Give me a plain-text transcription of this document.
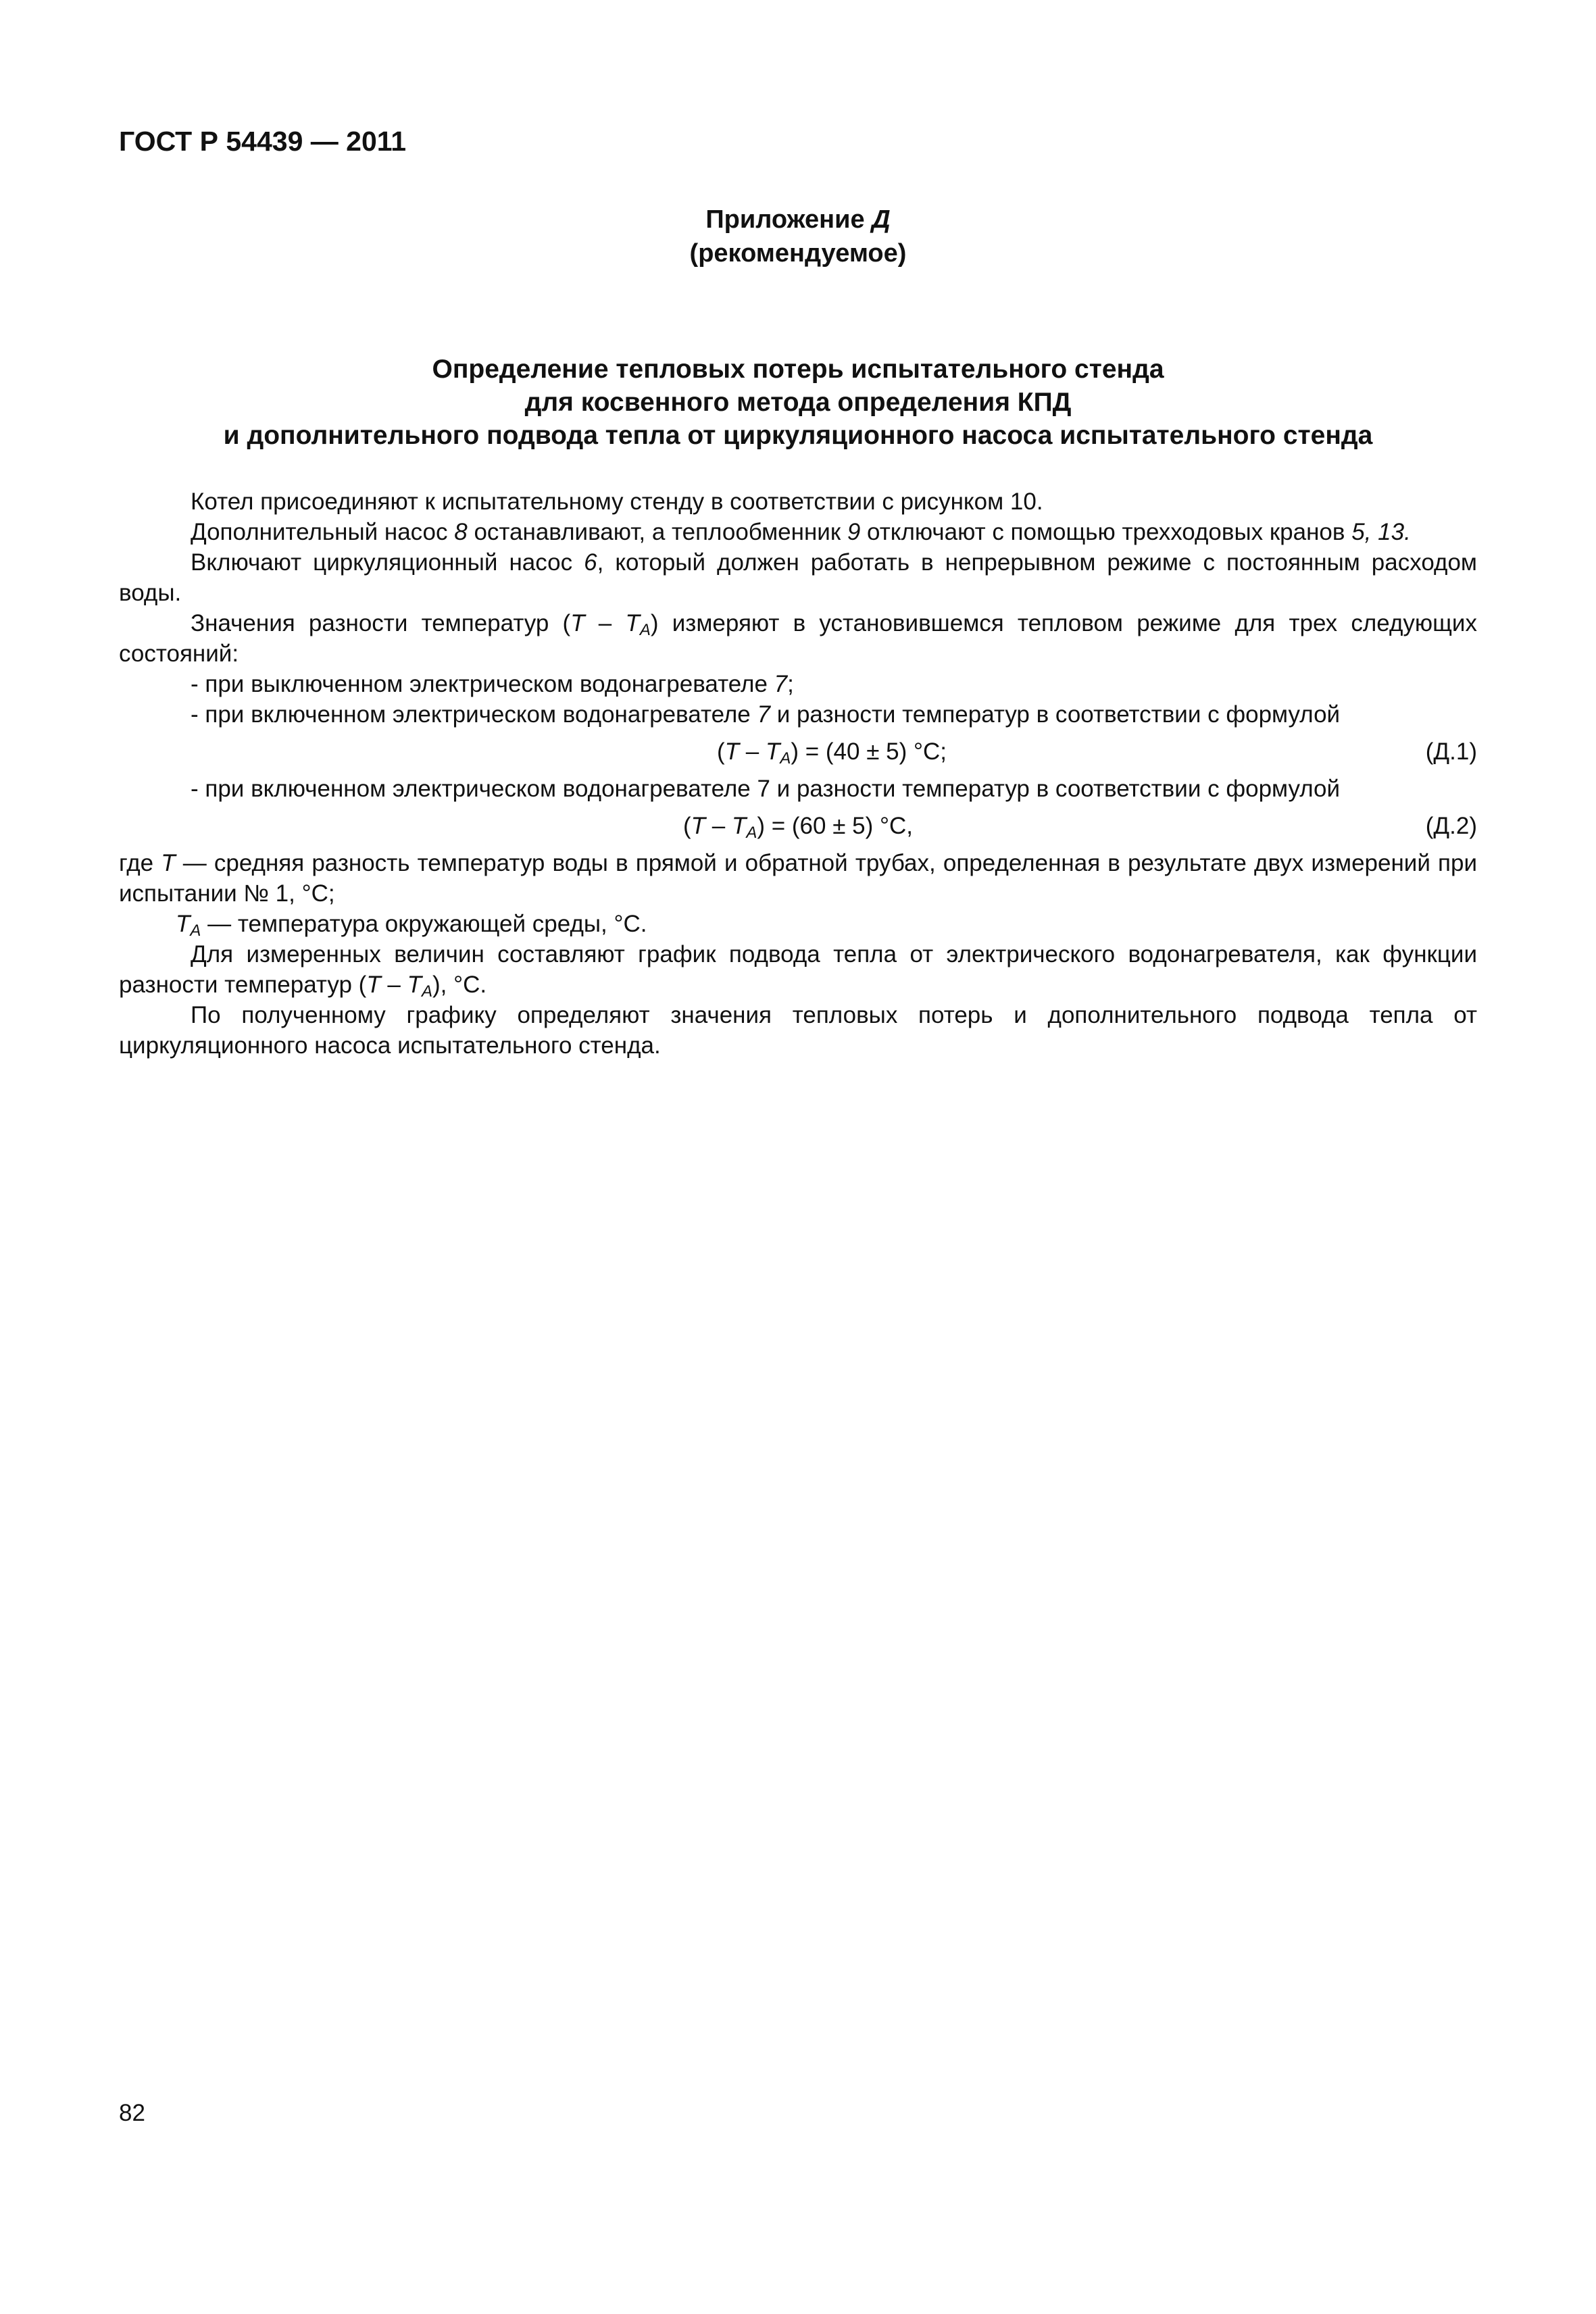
ГОСТ Р 54439 — 2011
Приложение Д
(рекомендуемое)
Определение тепловых потерь испытательного стенда
для косвенного метода определения КПД
и дополнительного подвода тепла от циркуляционного насоса испытательного стенда

Котел присоединяют к испытательному стенду в соответствии с рисунком 10.

Дополнительный насос 8 останавливают, а теплообменник 9 отключают с помощью трехходовых кранов 5, 13.

Включают циркуляционный насос 6, который должен работать в непрерывном режиме с постоянным расходом воды.

Значения разности температур $(T - T_A)$ измеряют в установившемся тепловом режиме для трех следующих состояний:

- при выключенном электрическом водонагревателе 7;

- при включенном электрическом водонагревателе 7 и разности температур в соответствии с формулой

$(T - T_A) = (40 \pm 5)$ °С;	(Д.1)

- при включенном электрическом водонагревателе 7 и разности температур в соответствии с формулой

$(T - T_A) = (60 \pm 5)$ °С,	(Д.2)

где T — средняя разность температур воды в прямой и обратной трубах, определенная в результате двух измерений при испытании № 1, °С;

$T_A$ — температура окружающей среды, °С.

Для измеренных величин составляют график подвода тепла от электрического водонагревателя, как функции разности температур $(T - T_A)$, °С.

По полученному графику определяют значения тепловых потерь и дополнительного подвода тепла от циркуляционного насоса испытательного стенда.

82
